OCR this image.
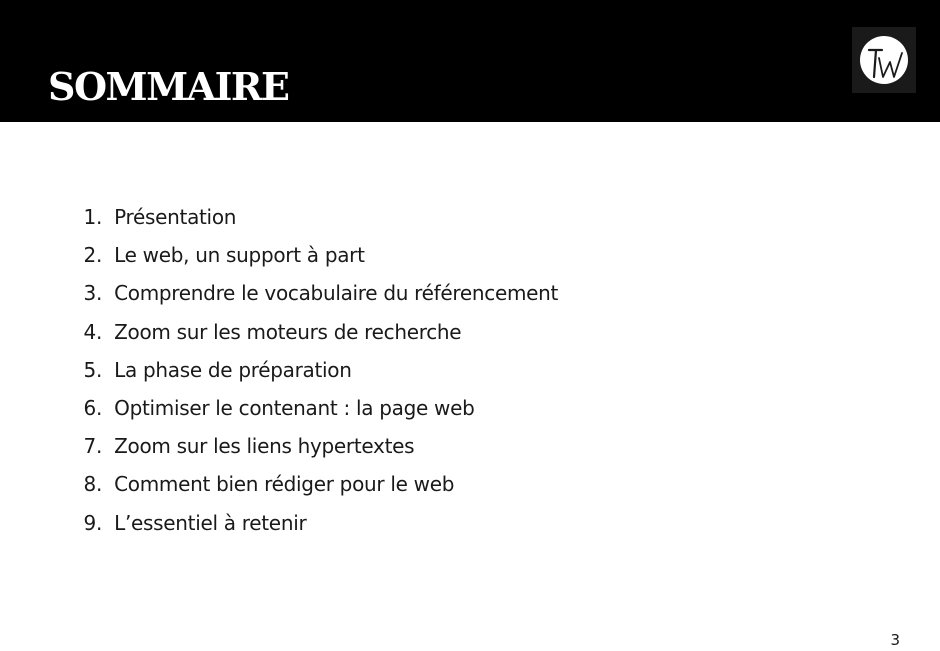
SOMMAIRE
1.
Présentation
2.
Le web, un support à part
3.
Comprendre le vocabulaire du référencement
4.
Zoom sur les moteurs de recherche
5.
La phase de préparation
6.
Optimiser le contenant : la page web
7.
Zoom sur les liens hypertextes
8.
Comment bien rédiger pour le web
9.
L’essentiel à retenir
3
